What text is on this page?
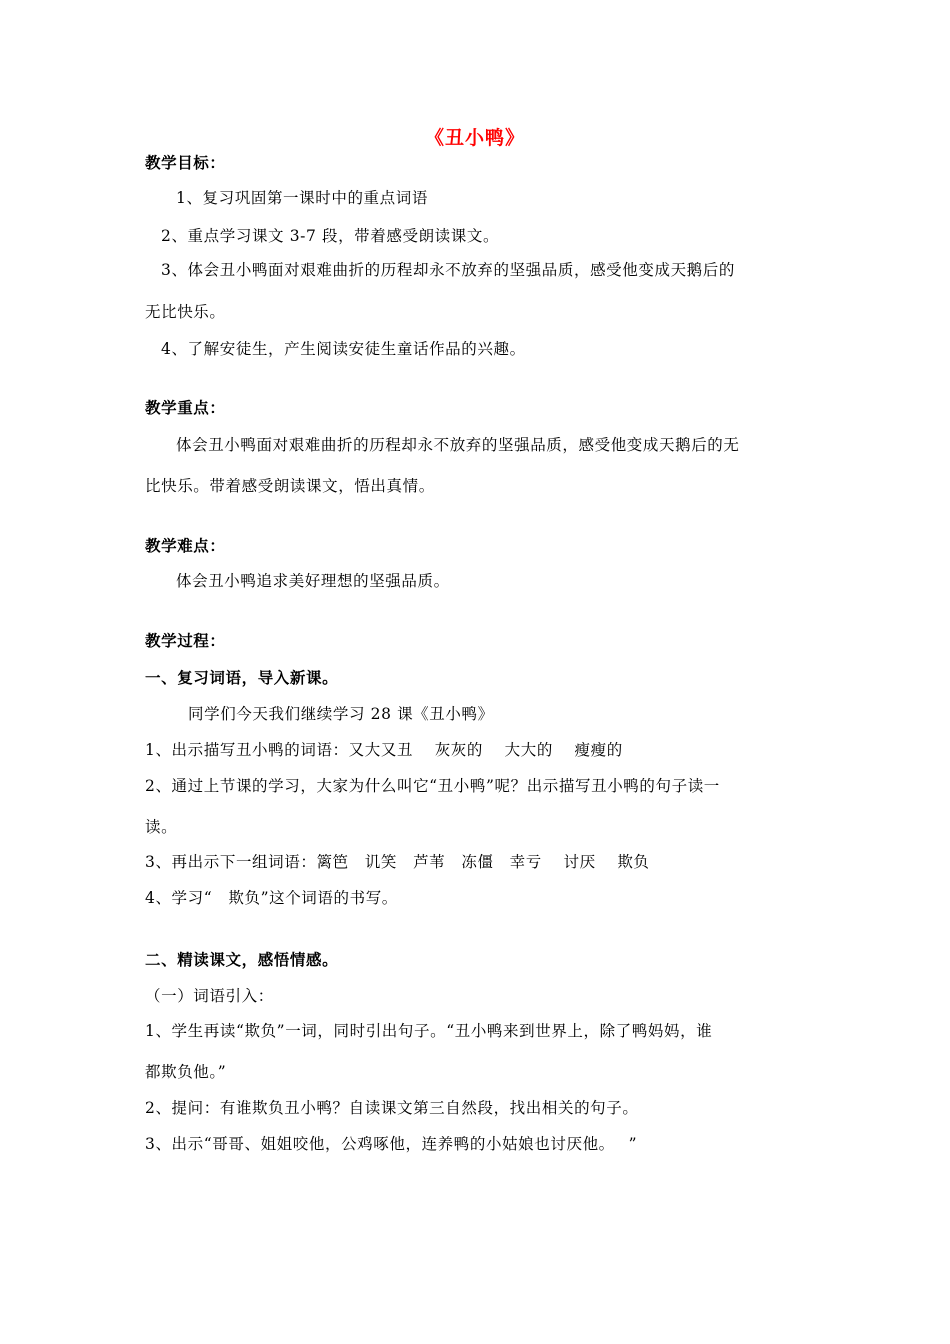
《丑小鸭》
教学目标：
1、复习巩固第一课时中的重点词语
2、重点学习课文 3-7 段，带着感受朗读课文。
3、体会丑小鸭面对艰难曲折的历程却永不放弃的坚强品质，感受他变成天鹅后的
无比快乐。
4、了解安徒生，产生阅读安徒生童话作品的兴趣。
教学重点：
体会丑小鸭面对艰难曲折的历程却永不放弃的坚强品质，感受他变成天鹅后的无
比快乐。带着感受朗读课文，悟出真情。
教学难点：
体会丑小鸭追求美好理想的坚强品质。
教学过程：
一、复习词语，导入新课。
同学们今天我们继续学习 28 课《丑小鸭》
1、出示描写丑小鸭的词语：又大又丑　 灰灰的　 大大的　 瘦瘦的
2、通过上节课的学习，大家为什么叫它“丑小鸭”呢？出示描写丑小鸭的句子读一
读。
3、再出示下一组词语：篱笆　讥笑　芦苇　冻僵　幸亏　 讨厌　 欺负
4、学习“　欺负”这个词语的书写。
二、精读课文，感悟情感。
（一）词语引入：
1、学生再读“欺负”一词，同时引出句子。“丑小鸭来到世界上，除了鸭妈妈，谁
都欺负他。”
2、提问：有谁欺负丑小鸭？自读课文第三自然段，找出相关的句子。
3、出示“哥哥、姐姐咬他，公鸡啄他，连养鸭的小姑娘也讨厌他。　 ”
